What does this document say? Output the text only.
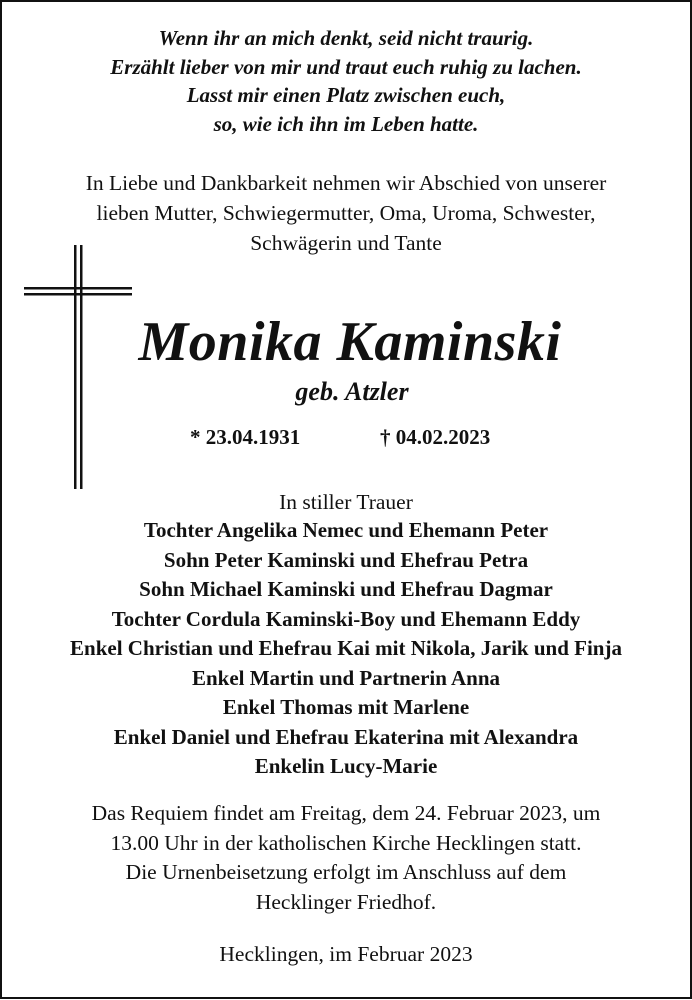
Wenn ihr an mich denkt, seid nicht traurig.
Erzählt lieber von mir und traut euch ruhig zu lachen.
Lasst mir einen Platz zwischen euch,
so, wie ich ihn im Leben hatte.
In Liebe und Dankbarkeit nehmen wir Abschied von unserer
lieben Mutter, Schwiegermutter, Oma, Uroma, Schwester,
Schwägerin und Tante
Monika Kaminski
geb. Atzler
* 23.04.1931	† 04.02.2023
In stiller Trauer
Tochter Angelika Nemec und Ehemann Peter
Sohn Peter Kaminski und Ehefrau Petra
Sohn Michael Kaminski und Ehefrau Dagmar
Tochter Cordula Kaminski-Boy und Ehemann Eddy
Enkel Christian und Ehefrau Kai mit Nikola, Jarik und Finja
Enkel Martin und Partnerin Anna
Enkel Thomas mit Marlene
Enkel Daniel und Ehefrau Ekaterina mit Alexandra
Enkelin Lucy-Marie
Das Requiem findet am Freitag, dem 24. Februar 2023, um
13.00 Uhr in der katholischen Kirche Hecklingen statt.
Die Urnenbeisetzung erfolgt im Anschluss auf dem
Hecklinger Friedhof.
Hecklingen, im Februar 2023
